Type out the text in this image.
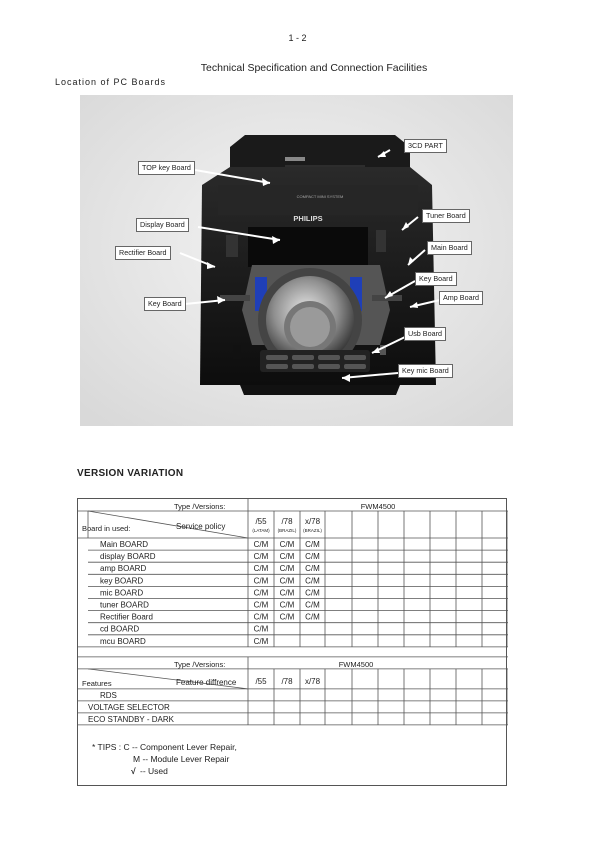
1 - 2
Technical Specification and Connection Facilities
Location of PC Boards
COMPACT MINI SYSTEM
PHILIPS
3CD PART
TOP key Board
Tuner Board
Display Board
Main Board
Rectifier Board
Key Board
Amp Board
Key Board
Usb Board
Key mic Board
VERSION VARIATION
Type /Versions:
Service policy
Board in used:
FWM4500
/55
(LATAM)
/78
(BRAZIL)
x/78
(BRAZIL)
Main BOARD	C/M C/M C/M
display BOARD	C/M C/M C/M
amp BOARD	C/M C/M C/M
key BOARD	C/M C/M C/M
mic BOARD	C/M C/M C/M
tuner BOARD	C/M C/M C/M
Rectifier Board	C/M C/M C/M
cd BOARD	C/M
mcu BOARD	C/M
Type /Versions:
Feature diffrence
Features
FWM4500
/55 /78 x/78
RDS
VOLTAGE SELECTOR
ECO STANDBY - DARK
* TIPS : C -- Component Lever Repair,
M -- Module Lever Repair
√ -- Used
